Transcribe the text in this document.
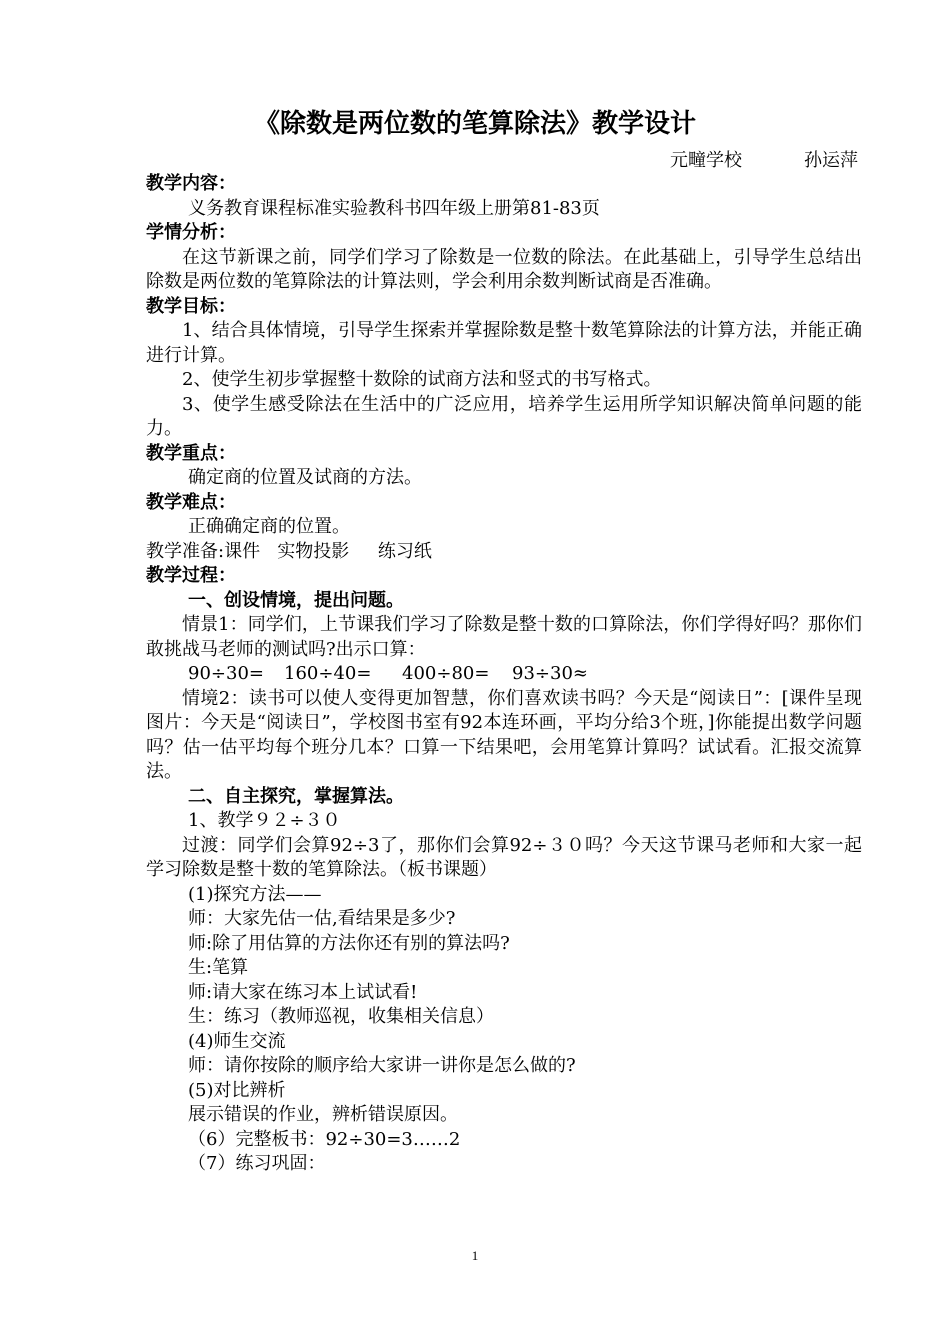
《除数是两位数的笔算除法》教学设计
元疃学校	孙运萍

教学内容：

义务教育课程标准实验教科书四年级上册第81-83页

学情分析：

在这节新课之前，同学们学习了除数是一位数的除法。在此基础上，引导学生总结出除数是两位数的笔算除法的计算法则，学会利用余数判断试商是否准确。

教学目标：

1、结合具体情境，引导学生探索并掌握除数是整十数笔算除法的计算方法，并能正确进行计算。

2、使学生初步掌握整十数除的试商方法和竖式的书写格式。

3、使学生感受除法在生活中的广泛应用，培养学生运用所学知识解决简单问题的能力。

教学重点：

确定商的位置及试商的方法。

教学难点：

正确确定商的位置。

教学准备:课件 实物投影 练习纸

教学过程：

一、创设情境，提出问题。

情景1：同学们，上节课我们学习了除数是整十数的口算除法，你们学得好吗？那你们敢挑战马老师的测试吗?出示口算：

90÷30= 160÷40= 400÷80= 93÷30≈

情境2：读书可以使人变得更加智慧，你们喜欢读书吗？今天是“阅读日”：[课件呈现图片：今天是“阅读日”，学校图书室有92本连环画，平均分给3个班，]你能提出数学问题吗？估一估平均每个班分几本？口算一下结果吧，会用笔算计算吗？试试看。汇报交流算法。

二、自主探究，掌握算法。

1、教学９２÷３０

过渡：同学们会算92÷3了，那你们会算92÷３０吗？今天这节课马老师和大家一起学习除数是整十数的笔算除法。（板书课题）

(1)探究方法——

师：大家先估一估,看结果是多少?

师:除了用估算的方法你还有别的算法吗?

生:笔算

师:请大家在练习本上试试看!

生：练习（教师巡视，收集相关信息）

(4)师生交流

师：请你按除的顺序给大家讲一讲你是怎么做的?

(5)对比辨析

展示错误的作业，辨析错误原因。

（6）完整板书：92÷30=3……2

（7）练习巩固：

1
